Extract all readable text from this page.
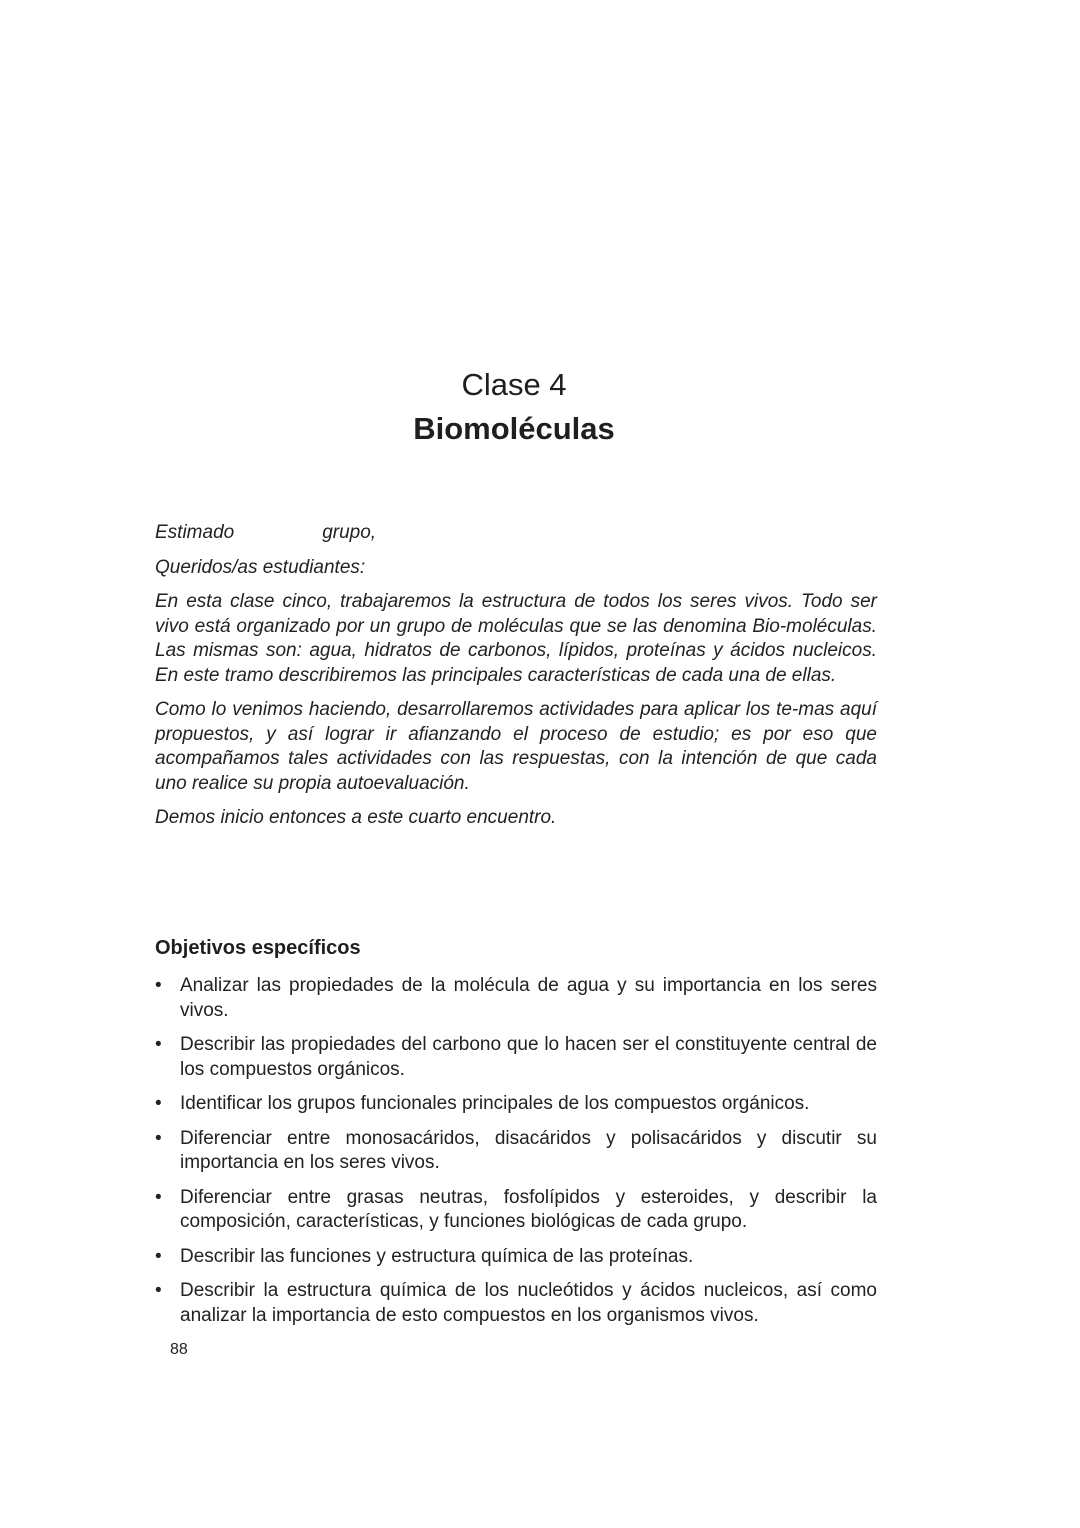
Clase 4
Biomoléculas

Estimado	grupo,

Queridos/as estudiantes:

En esta clase cinco, trabajaremos la estructura de todos los seres vivos. Todo ser vivo está organizado por un grupo de moléculas que se las denomina Bio-moléculas. Las mismas son: agua, hidratos de carbonos, lípidos, proteínas y ácidos nucleicos. En este tramo describiremos las principales características de cada una de ellas.

Como lo venimos haciendo, desarrollaremos actividades para aplicar los te-mas aquí propuestos, y así lograr ir afianzando el proceso de estudio; es por eso que acompañamos tales actividades con las respuestas, con la intención de que cada uno realice su propia autoevaluación.

Demos inicio entonces a este cuarto encuentro.

Objetivos específicos
• Analizar las propiedades de la molécula de agua y su importancia en los seres vivos.
• Describir las propiedades del carbono que lo hacen ser el constituyente central de los compuestos orgánicos.
• Identificar los grupos funcionales principales de los compuestos orgánicos.
• Diferenciar entre monosacáridos, disacáridos y polisacáridos y discutir su importancia en los seres vivos.
• Diferenciar entre grasas neutras, fosfolípidos y esteroides, y describir la composición, características, y funciones biológicas de cada grupo.
• Describir las funciones y estructura química de las proteínas.
• Describir la estructura química de los nucleótidos y ácidos nucleicos, así como analizar la importancia de esto compuestos en los organismos vivos.
88
